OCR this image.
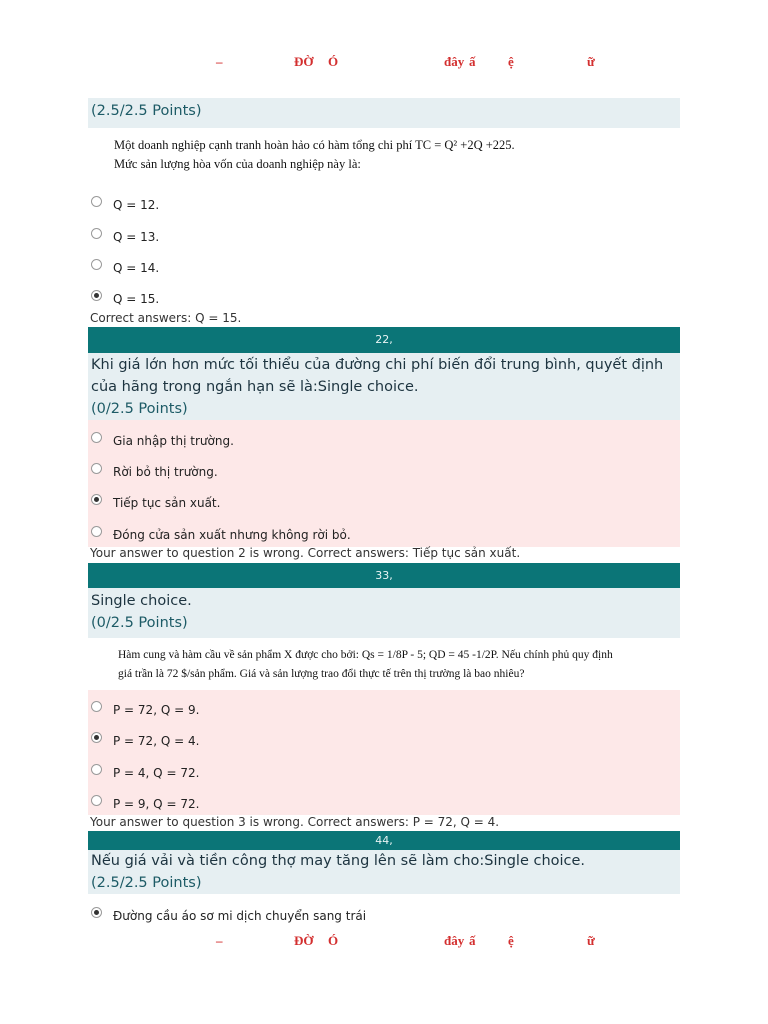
–	ĐỜ Ó	đây ấ	ệ	ữ
(2.5/2.5 Points)
Một doanh nghiệp cạnh tranh hoàn hảo có hàm tổng chi phí TC = Q² +2Q +225.
Mức sản lượng hòa vốn của doanh nghiệp này là:
Q = 12.
Q = 13.
Q = 14.
Q = 15.
Correct answers: Q = 15.
22,
Khi giá lớn hơn mức tối thiểu của đường chi phí biến đổi trung bình, quyết định
của hãng trong ngắn hạn sẽ là:Single choice.
(0/2.5 Points)
Gia nhập thị trường.
Rời bỏ thị trường.
Tiếp tục sản xuất.
Đóng cửa sản xuất nhưng không rời bỏ.
Your answer to question 2 is wrong. Correct answers: Tiếp tục sản xuất.
33,
Single choice.
(0/2.5 Points)
Hàm cung và hàm cầu về sản phẩm X được cho bởi: Qs = 1/8P - 5; QD = 45 -1/2P. Nếu chính phủ quy định
giá trần là 72 $/sản phẩm. Giá và sản lượng trao đổi thực tế trên thị trường là bao nhiêu?
P = 72, Q = 9.
P = 72, Q = 4.
P = 4, Q = 72.
P = 9, Q = 72.
Your answer to question 3 is wrong. Correct answers: P = 72, Q = 4.
44,
Nếu giá vải và tiền công thợ may tăng lên sẽ làm cho:Single choice.
(2.5/2.5 Points)
Đường cầu áo sơ mi dịch chuyển sang trái
–	ĐỜ Ó	đây ấ	ệ	ữ
